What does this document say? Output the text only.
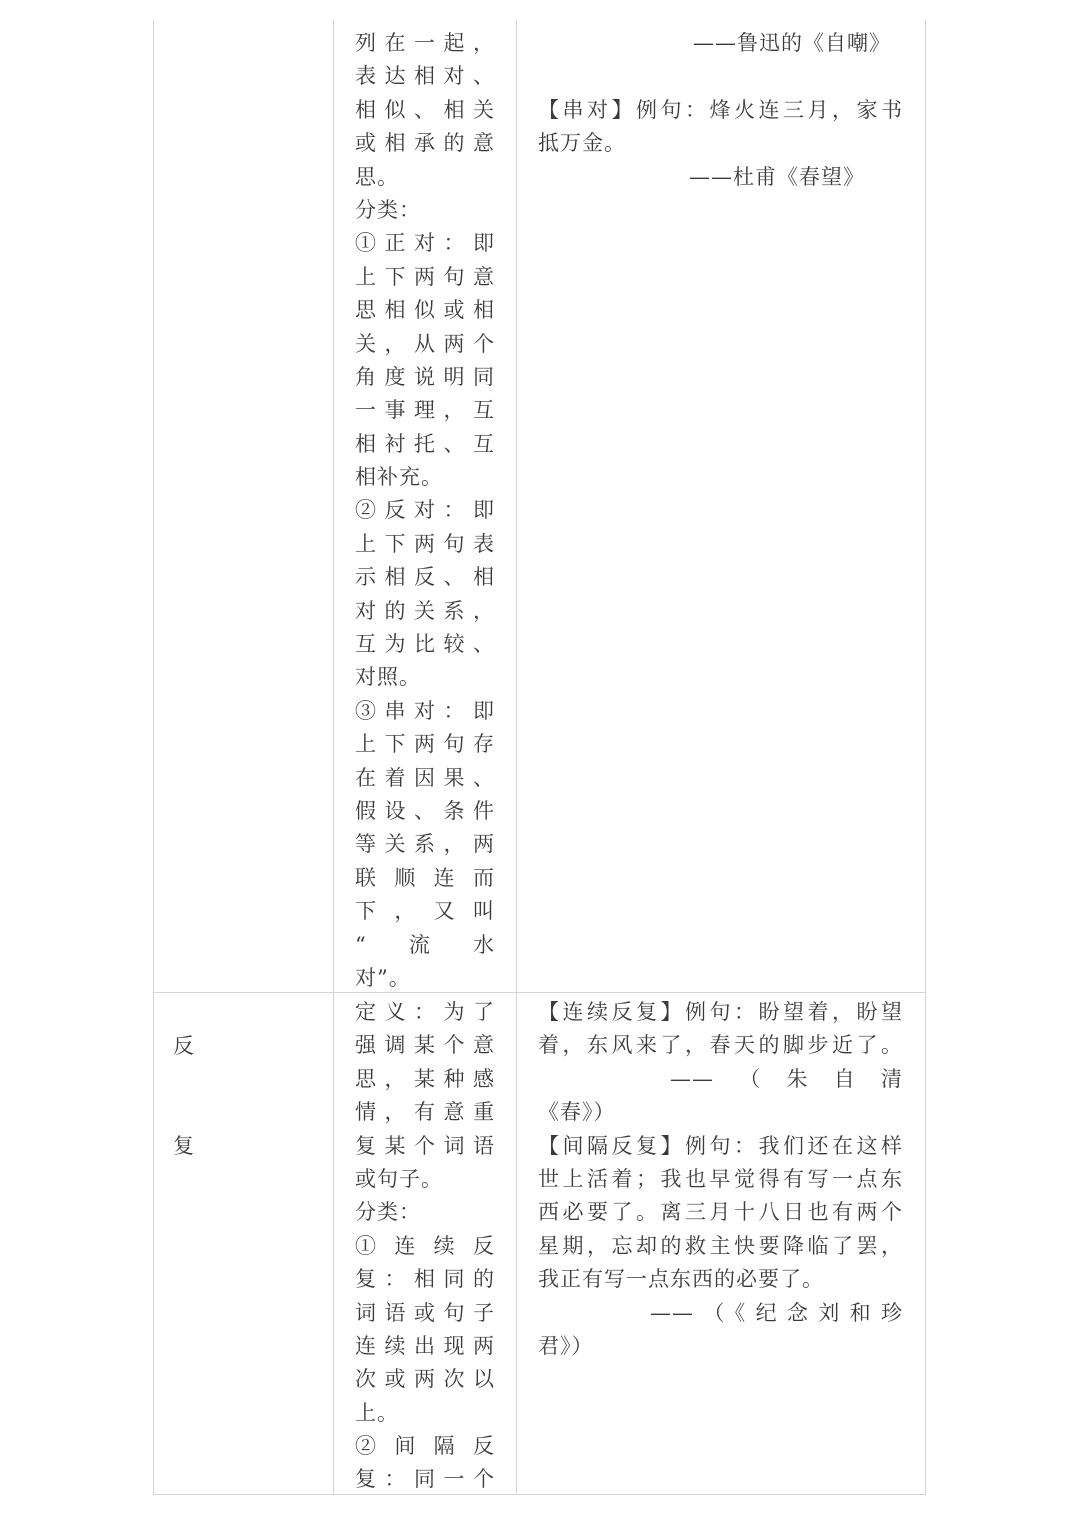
列在一起，
表达相对、
相似、相关
或相承的意
思。
分类：
①正对：即
上下两句意
思相似或相
关，从两个
角度说明同
一事理，互
相衬托、互
相补充。
②反对：即
上下两句表
示相反、相
对的关系，
互为比较、
对照。
③串对：即
上下两句存
在着因果、
假设、条件
等关系，两
联顺连而
下，又叫
“流水
对”。
——鲁迅的《自嘲》
【串对】例句：烽火连三月，家书
抵万金。
——杜甫《春望》
反
复
定义：为了
强调某个意
思，某种感
情，有意重
复某个词语
或句子。
分类：
①连续反
复：相同的
词语或句子
连续出现两
次或两次以
上。
②间隔反
复：同一个
【连续反复】例句：盼望着，盼望
着，东风来了，春天的脚步近了。
——（朱自清
《春》）
【间隔反复】例句：我们还在这样
世上活着；我也早觉得有写一点东
西必要了。离三月十八日也有两个
星期，忘却的救主快要降临了罢，
我正有写一点东西的必要了。
——（《纪念刘和珍
君》）
